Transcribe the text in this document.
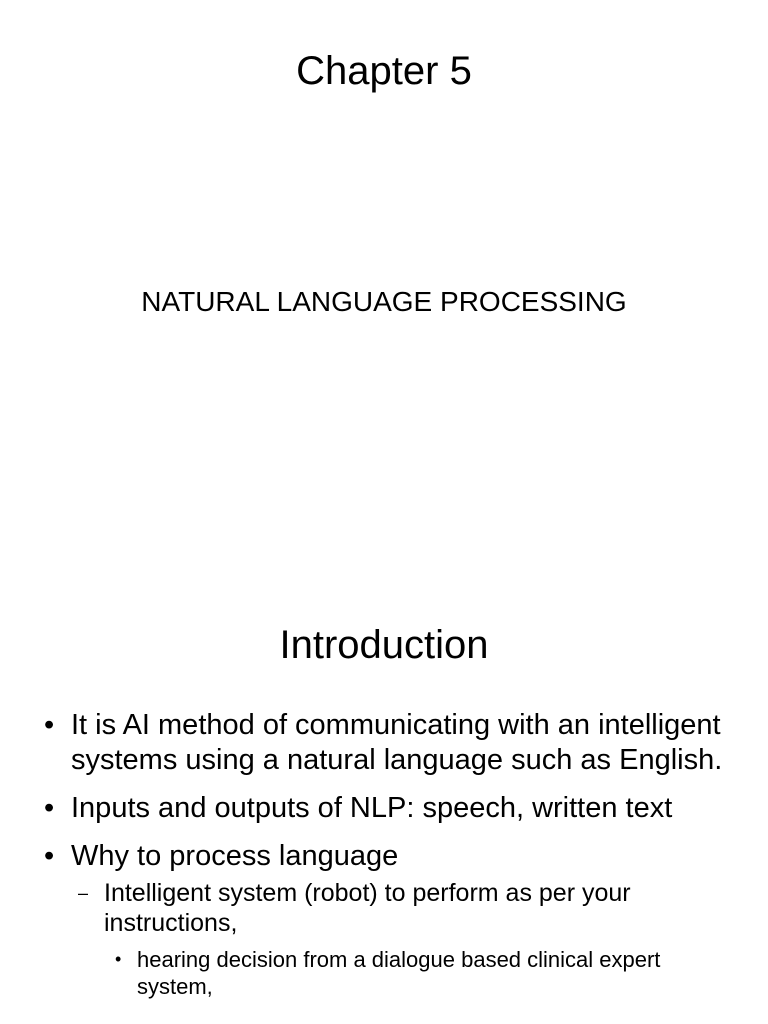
Chapter 5
NATURAL LANGUAGE PROCESSING
Introduction
• It is AI method of communicating with an intelligent systems using a natural language such as English.
• Inputs and outputs of NLP: speech, written text
• Why to process language
– Intelligent system (robot) to perform as per your instructions,
• hearing decision from a dialogue based clinical expert system,
